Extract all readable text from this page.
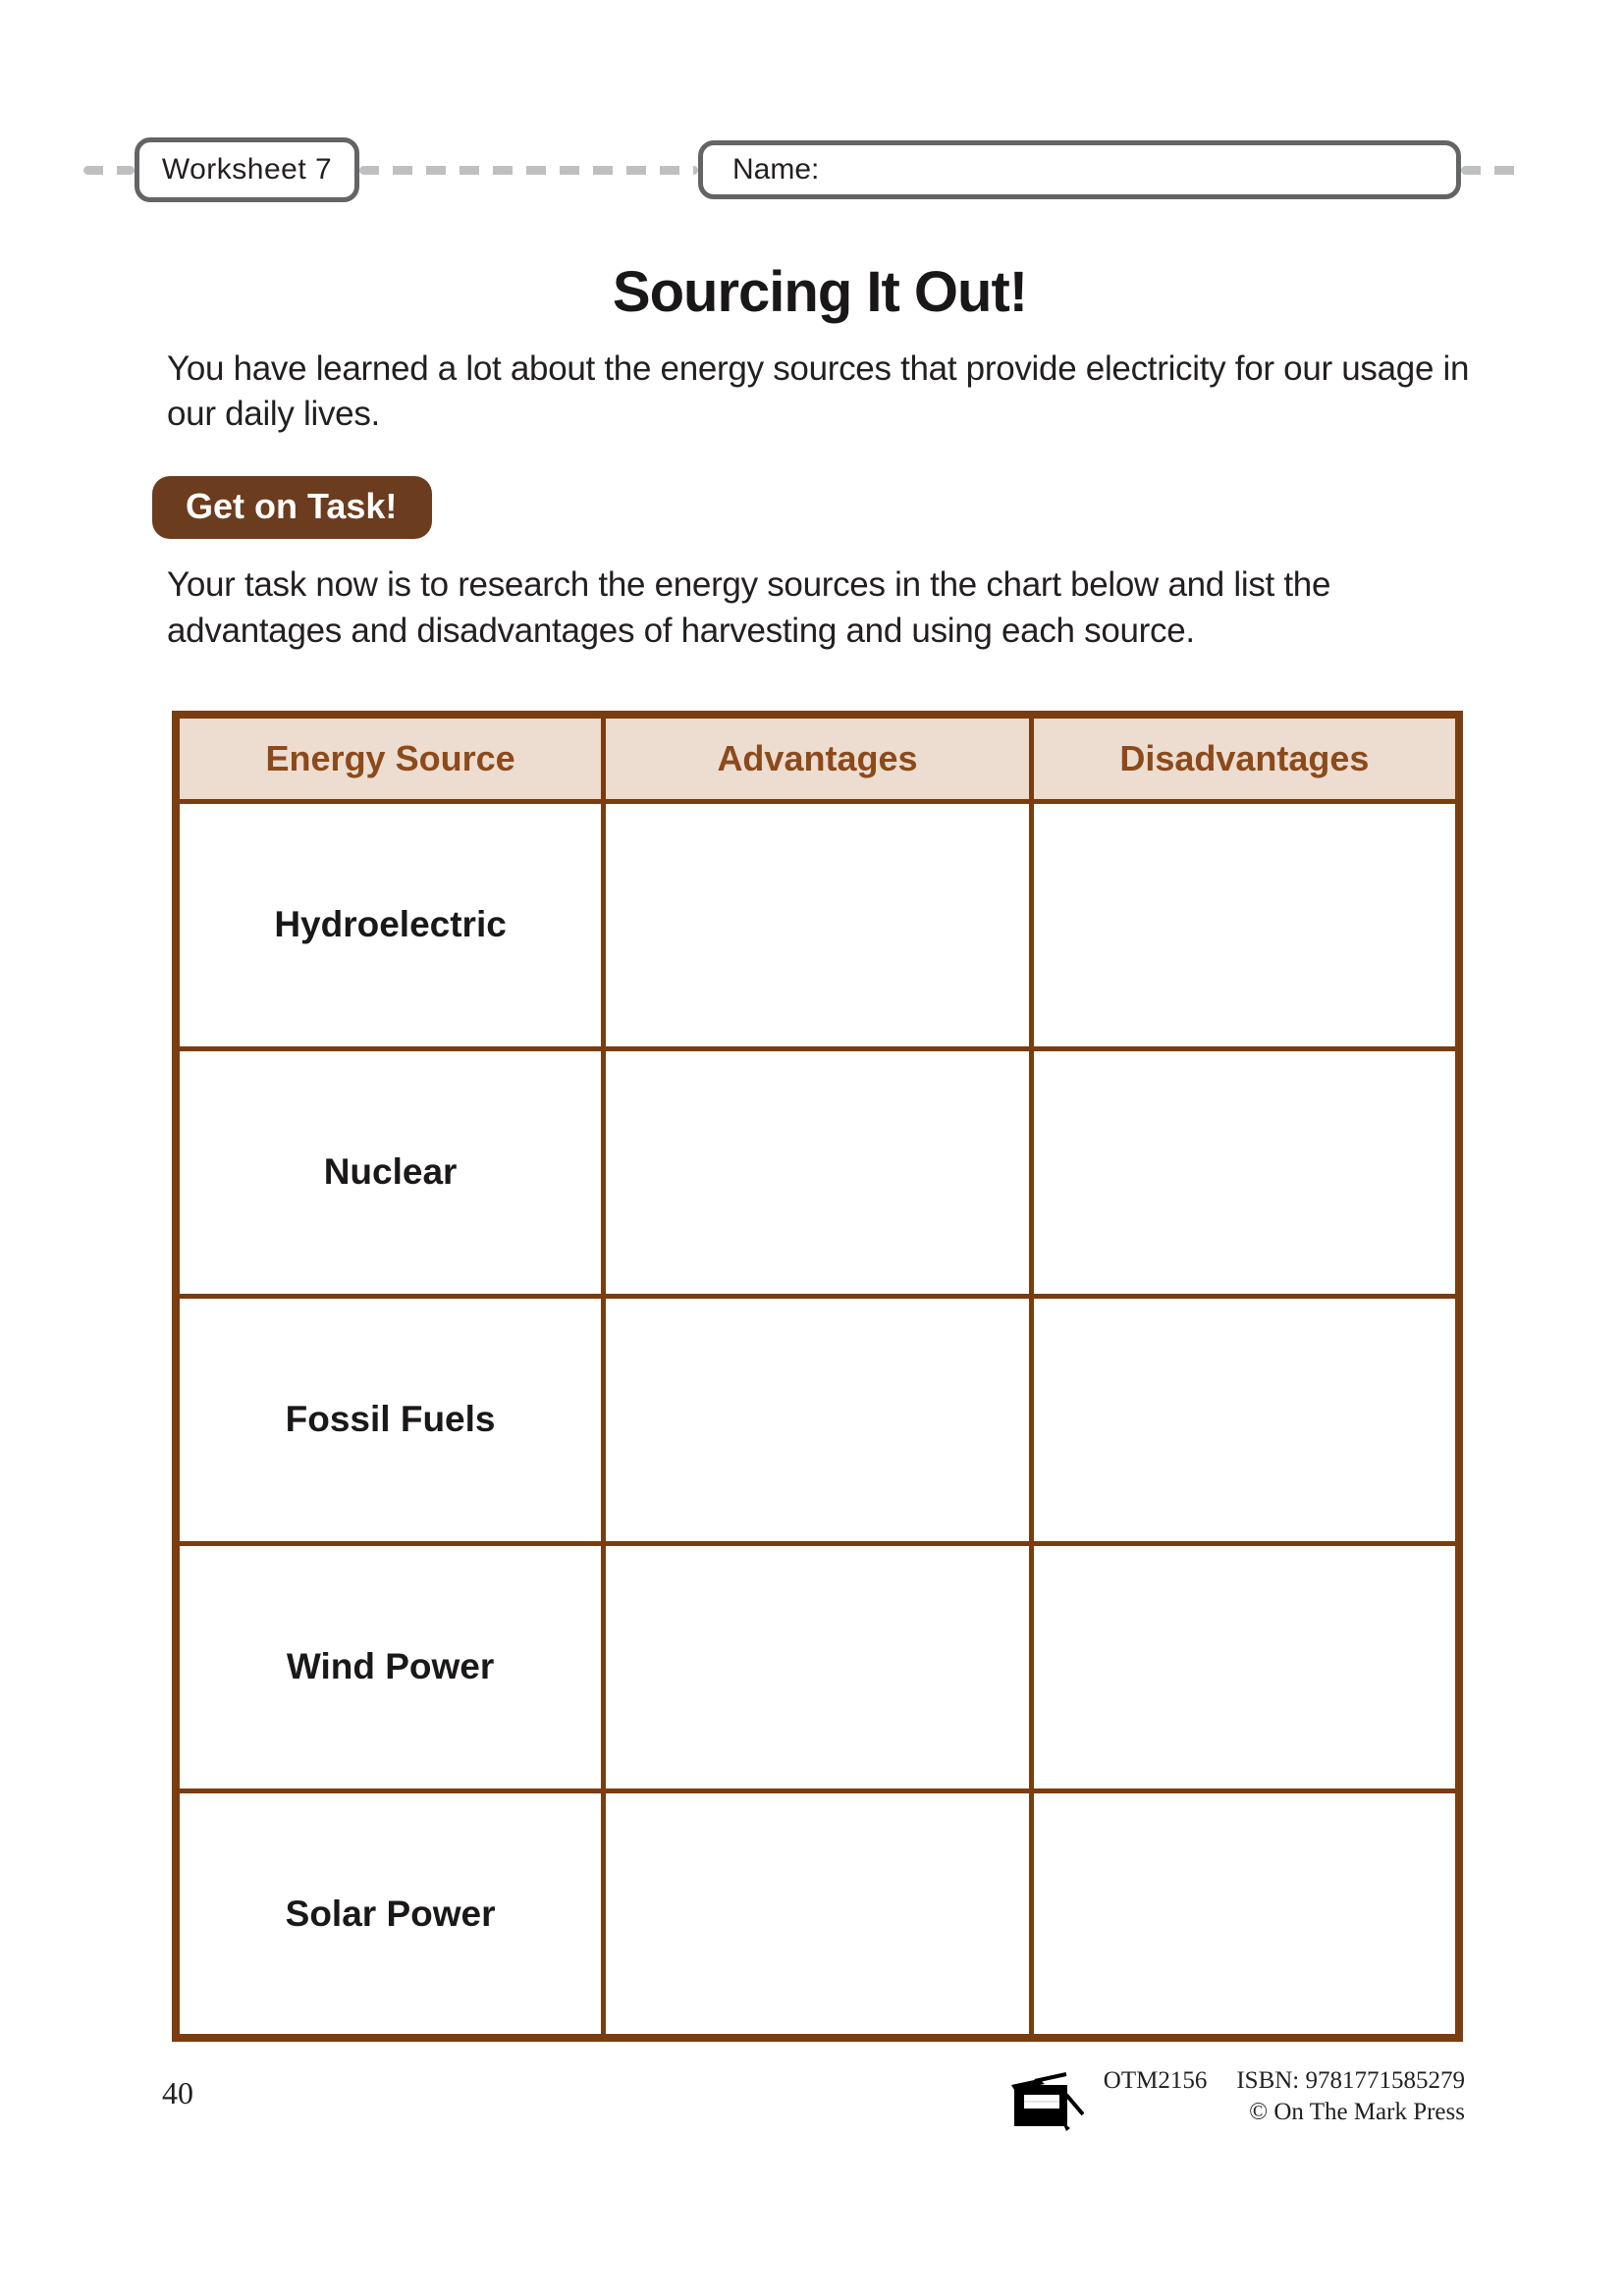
Worksheet 7	Name:
Sourcing It Out!

You have learned a lot about the energy sources that provide electricity for our usage in our daily lives.

Get on Task!

Your task now is to research the energy sources in the chart below and list the advantages and disadvantages of harvesting and using each source.

Energy Source	Advantages	Disadvantages
Hydroelectric		
Nuclear		
Fossil Fuels		
Wind Power		
Solar Power		
40	OTM2156 ISBN: 9781771585279
© On The Mark Press
